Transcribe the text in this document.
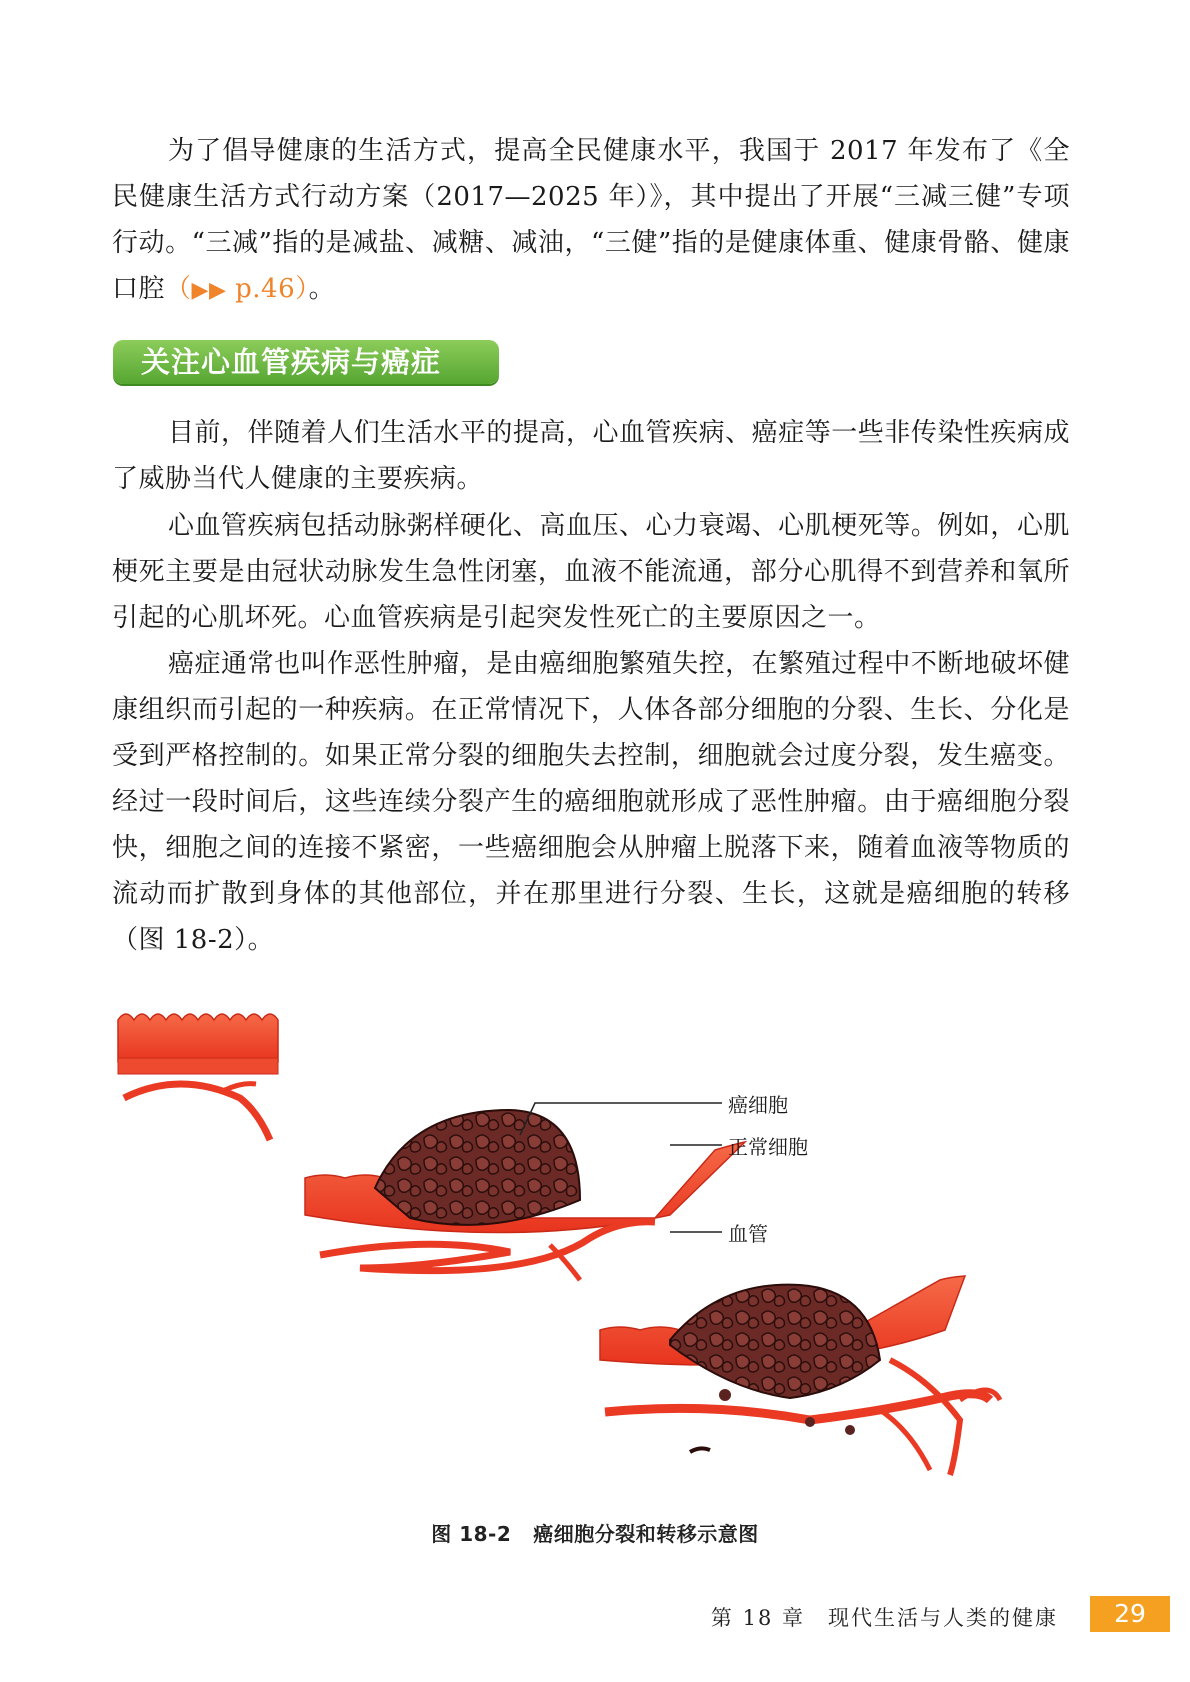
为了倡导健康的生活方式，提高全民健康水平，我国于 2017 年发布了《全民健康生活方式行动方案（2017—2025 年）》，其中提出了开展“三减三健”专项行动。“三减”指的是减盐、减糖、减油，“三健”指的是健康体重、健康骨骼、健康口腔（▶▶ p.46）。
关注心血管疾病与癌症
目前，伴随着人们生活水平的提高，心血管疾病、癌症等一些非传染性疾病成了威胁当代人健康的主要疾病。
心血管疾病包括动脉粥样硬化、高血压、心力衰竭、心肌梗死等。例如，心肌梗死主要是由冠状动脉发生急性闭塞，血液不能流通，部分心肌得不到营养和氧所引起的心肌坏死。心血管疾病是引起突发性死亡的主要原因之一。
癌症通常也叫作恶性肿瘤，是由癌细胞繁殖失控，在繁殖过程中不断地破坏健康组织而引起的一种疾病。在正常情况下，人体各部分细胞的分裂、生长、分化是受到严格控制的。如果正常分裂的细胞失去控制，细胞就会过度分裂，发生癌变。经过一段时间后，这些连续分裂产生的癌细胞就形成了恶性肿瘤。由于癌细胞分裂快，细胞之间的连接不紧密，一些癌细胞会从肿瘤上脱落下来，随着血液等物质的流动而扩散到身体的其他部位，并在那里进行分裂、生长，这就是癌细胞的转移（图 18-2）。
癌细胞
正常细胞
血管
图 18-2 癌细胞分裂和转移示意图
第 18 章　现代生活与人类的健康	29
